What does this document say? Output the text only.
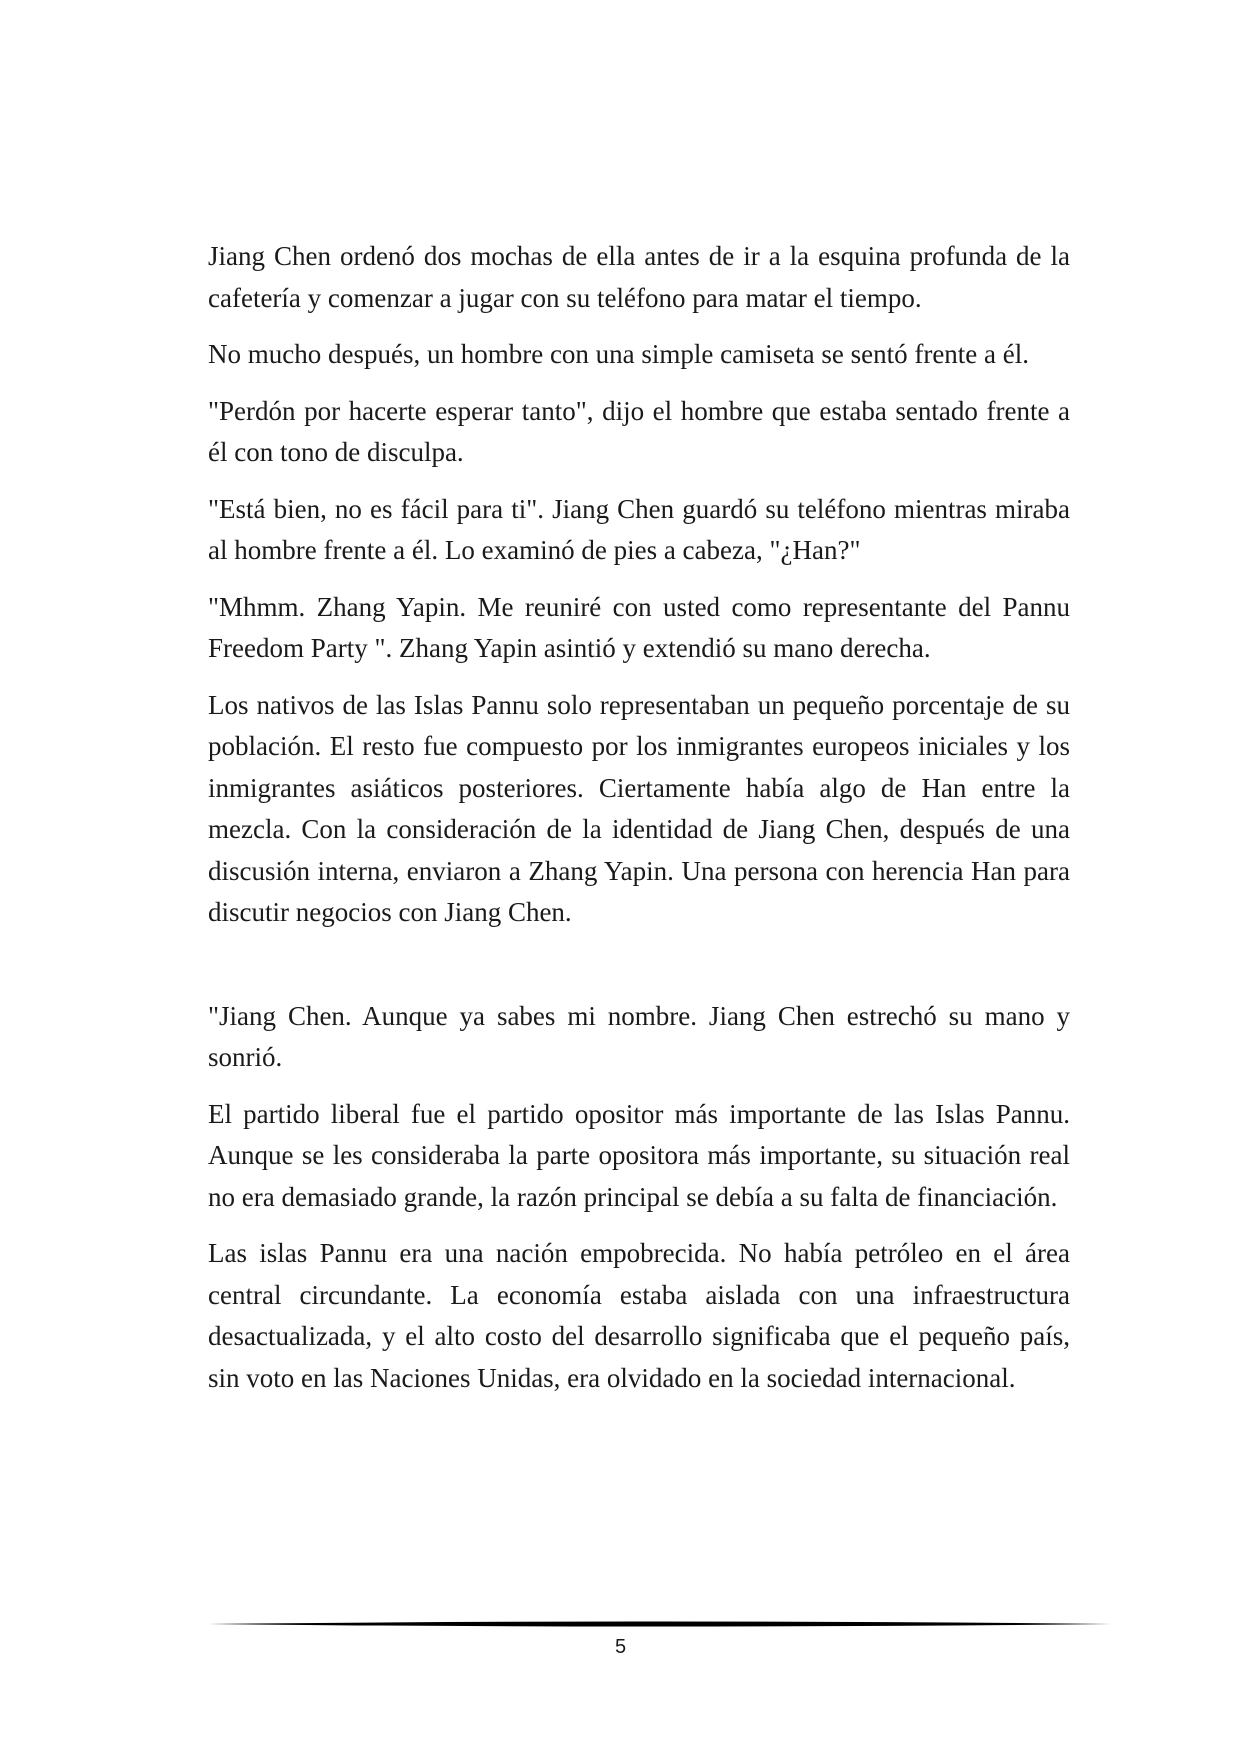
Jiang Chen ordenó dos mochas de ella antes de ir a la esquina profunda de la cafetería y comenzar a jugar con su teléfono para matar el tiempo.

No mucho después, un hombre con una simple camiseta se sentó frente a él.

"Perdón por hacerte esperar tanto", dijo el hombre que estaba sentado frente a él con tono de disculpa.

"Está bien, no es fácil para ti". Jiang Chen guardó su teléfono mientras miraba al hombre frente a él. Lo examinó de pies a cabeza, "¿Han?"

"Mhmm. Zhang Yapin. Me reuniré con usted como representante del Pannu Freedom Party ". Zhang Yapin asintió y extendió su mano derecha.

Los nativos de las Islas Pannu solo representaban un pequeño porcentaje de su población. El resto fue compuesto por los inmigrantes europeos iniciales y los inmigrantes asiáticos posteriores. Ciertamente había algo de Han entre la mezcla. Con la consideración de la identidad de Jiang Chen, después de una discusión interna, enviaron a Zhang Yapin. Una persona con herencia Han para discutir negocios con Jiang Chen.

"Jiang Chen. Aunque ya sabes mi nombre. Jiang Chen estrechó su mano y sonrió.

El partido liberal fue el partido opositor más importante de las Islas Pannu. Aunque se les consideraba la parte opositora más importante, su situación real no era demasiado grande, la razón principal se debía a su falta de financiación.

Las islas Pannu era una nación empobrecida. No había petróleo en el área central circundante. La economía estaba aislada con una infraestructura desactualizada, y el alto costo del desarrollo significaba que el pequeño país, sin voto en las Naciones Unidas, era olvidado en la sociedad internacional.

5
